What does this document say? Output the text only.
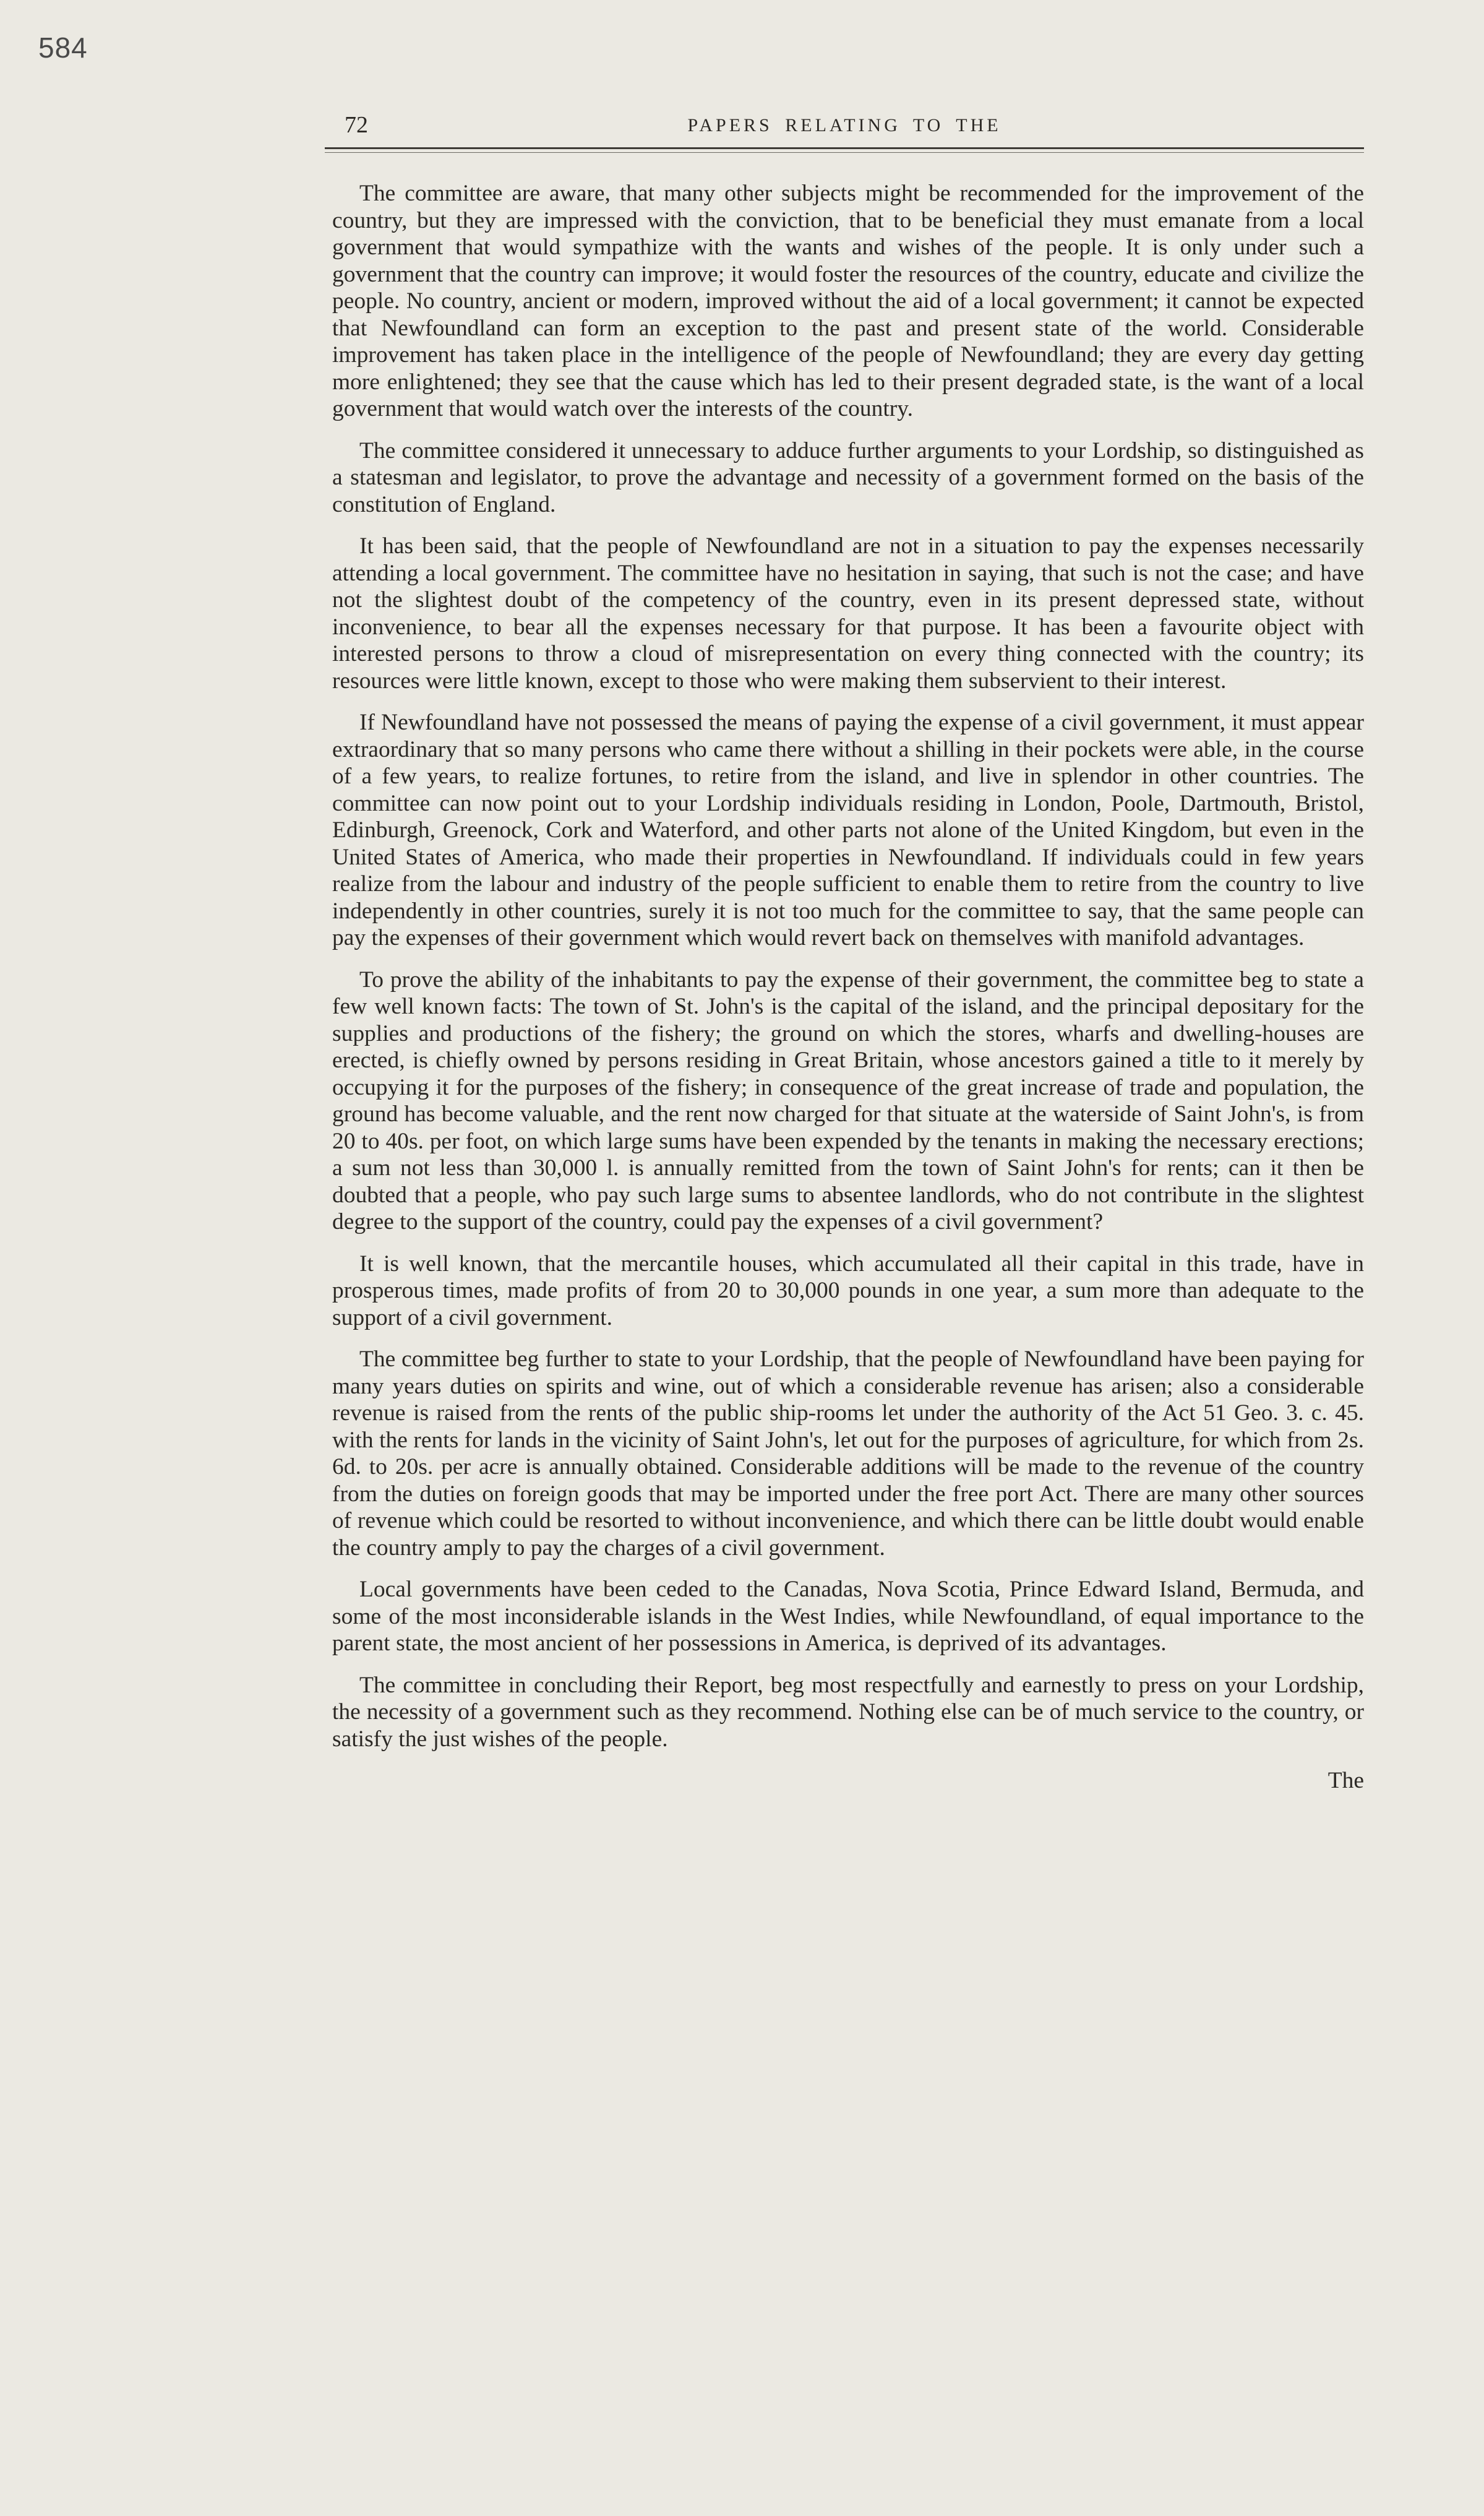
584
72	PAPERS RELATING TO THE

The committee are aware, that many other subjects might be recommended for the improvement of the country, but they are impressed with the conviction, that to be beneficial they must emanate from a local government that would sympathize with the wants and wishes of the people. It is only under such a government that the country can improve; it would foster the resources of the country, educate and civilize the people. No country, ancient or modern, improved without the aid of a local government; it cannot be expected that Newfoundland can form an exception to the past and present state of the world. Considerable improvement has taken place in the intelligence of the people of Newfoundland; they are every day getting more enlightened; they see that the cause which has led to their present degraded state, is the want of a local government that would watch over the interests of the country.

The committee considered it unnecessary to adduce further arguments to your Lordship, so distinguished as a statesman and legislator, to prove the advantage and necessity of a government formed on the basis of the constitution of England.

It has been said, that the people of Newfoundland are not in a situation to pay the expenses necessarily attending a local government. The committee have no hesitation in saying, that such is not the case; and have not the slightest doubt of the competency of the country, even in its present depressed state, without inconvenience, to bear all the expenses necessary for that purpose. It has been a favourite object with interested persons to throw a cloud of misrepresentation on every thing connected with the country; its resources were little known, except to those who were making them subservient to their interest.

If Newfoundland have not possessed the means of paying the expense of a civil government, it must appear extraordinary that so many persons who came there without a shilling in their pockets were able, in the course of a few years, to realize fortunes, to retire from the island, and live in splendor in other countries. The committee can now point out to your Lordship individuals residing in London, Poole, Dartmouth, Bristol, Edinburgh, Greenock, Cork and Waterford, and other parts not alone of the United Kingdom, but even in the United States of America, who made their properties in Newfoundland. If individuals could in few years realize from the labour and industry of the people sufficient to enable them to retire from the country to live independently in other countries, surely it is not too much for the committee to say, that the same people can pay the expenses of their government which would revert back on themselves with manifold advantages.

To prove the ability of the inhabitants to pay the expense of their government, the committee beg to state a few well known facts: The town of St. John's is the capital of the island, and the principal depositary for the supplies and productions of the fishery; the ground on which the stores, wharfs and dwelling-houses are erected, is chiefly owned by persons residing in Great Britain, whose ancestors gained a title to it merely by occupying it for the purposes of the fishery; in consequence of the great increase of trade and population, the ground has become valuable, and the rent now charged for that situate at the waterside of Saint John's, is from 20 to 40s. per foot, on which large sums have been expended by the tenants in making the necessary erections; a sum not less than 30,000 l. is annually remitted from the town of Saint John's for rents; can it then be doubted that a people, who pay such large sums to absentee landlords, who do not contribute in the slightest degree to the support of the country, could pay the expenses of a civil government?

It is well known, that the mercantile houses, which accumulated all their capital in this trade, have in prosperous times, made profits of from 20 to 30,000 pounds in one year, a sum more than adequate to the support of a civil government.

The committee beg further to state to your Lordship, that the people of Newfoundland have been paying for many years duties on spirits and wine, out of which a considerable revenue has arisen; also a considerable revenue is raised from the rents of the public ship-rooms let under the authority of the Act 51 Geo. 3. c. 45. with the rents for lands in the vicinity of Saint John's, let out for the purposes of agriculture, for which from 2s. 6d. to 20s. per acre is annually obtained. Considerable additions will be made to the revenue of the country from the duties on foreign goods that may be imported under the free port Act. There are many other sources of revenue which could be resorted to without inconvenience, and which there can be little doubt would enable the country amply to pay the charges of a civil government.

Local governments have been ceded to the Canadas, Nova Scotia, Prince Edward Island, Bermuda, and some of the most inconsiderable islands in the West Indies, while Newfoundland, of equal importance to the parent state, the most ancient of her possessions in America, is deprived of its advantages.

The committee in concluding their Report, beg most respectfully and earnestly to press on your Lordship, the necessity of a government such as they recommend. Nothing else can be of much service to the country, or satisfy the just wishes of the people.

The
